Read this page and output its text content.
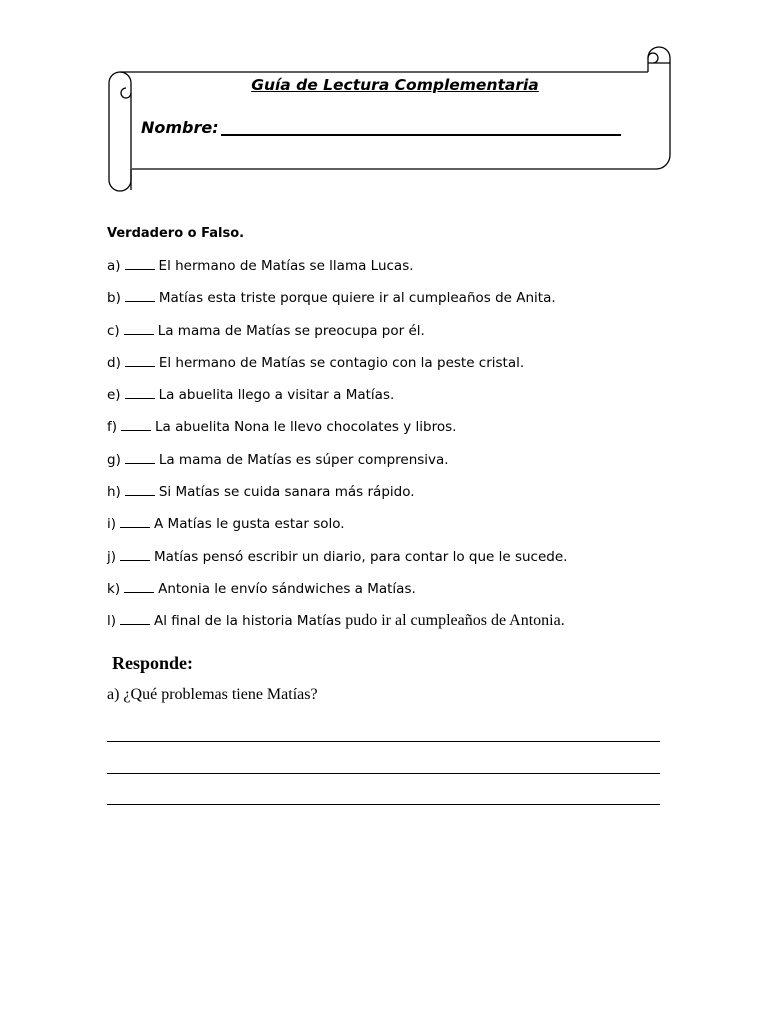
Guía de Lectura Complementaria
Nombre:
Verdadero o Falso.
a)	El hermano de Matías se llama Lucas.
b)	Matías esta triste porque quiere ir al cumpleaños de Anita.
c)	La mama de Matías se preocupa por él.
d)	El hermano de Matías se contagio con la peste cristal.
e)	La abuelita llego a visitar a Matías.
f)	La abuelita Nona le llevo chocolates y libros.
g)	La mama de Matías es súper comprensiva.
h)	Si Matías se cuida sanara más rápido.
i)	A Matías le gusta estar solo.
j)	Matías pensó escribir un diario, para contar lo que le sucede.
k)	Antonia le envío sándwiches a Matías.
l)	Al final de la historia Matías pudo ir al cumpleaños de Antonia.
Responde:
a) ¿Qué problemas tiene Matías?
